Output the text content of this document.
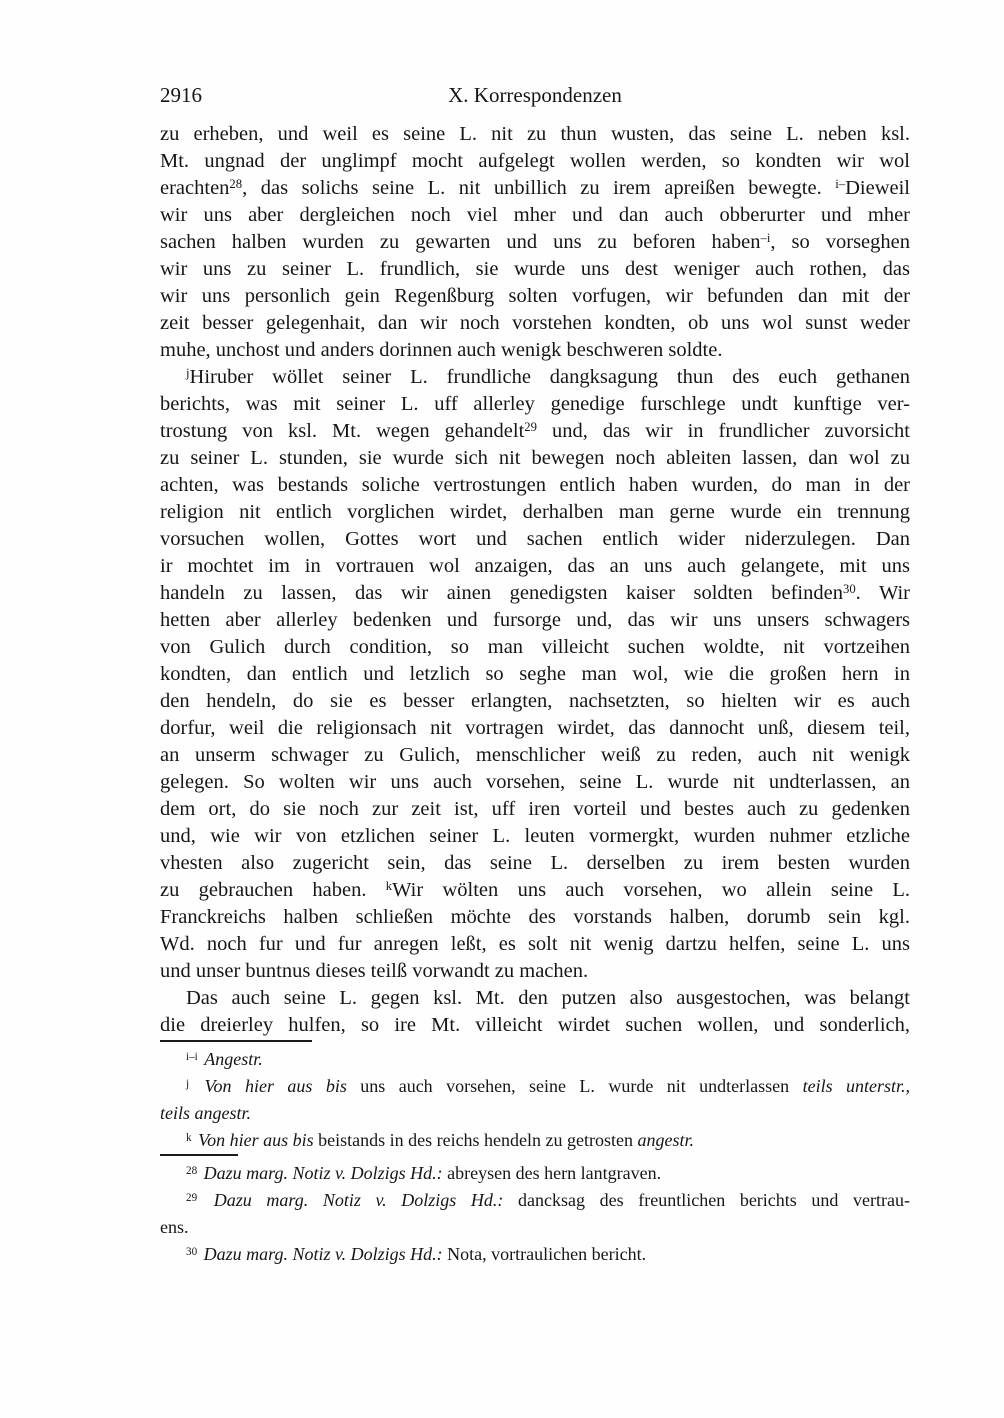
2916	X. Korrespondenzen
zu erheben, und weil es seine L. nit zu thun wusten, das seine L. neben ksl.
Mt. ungnad der unglimpf mocht aufgelegt wollen werden, so kondten wir wol
erachten$^{28}$, das solichs seine L. nit unbillich zu irem apreißen bewegte. $^{i-}$Dieweil
wir uns aber dergleichen noch viel mher und dan auch obberurter und mher
sachen halben wurden zu gewarten und uns zu beforen haben$^{-i}$, so vorseghen
wir uns zu seiner L. frundlich, sie wurde uns dest weniger auch rothen, das
wir uns personlich gein Regenßburg solten vorfugen, wir befunden dan mit der
zeit besser gelegenhait, dan wir noch vorstehen kondten, ob uns wol sunst weder
muhe, unchost und anders dorinnen auch wenigk beschweren soldte.
$^j$Hiruber wöllet seiner L. frundliche dangksagung thun des euch gethanen
berichts, was mit seiner L. uff allerley genedige furschlege undt kunftige ver-
trostung von ksl. Mt. wegen gehandelt$^{29}$ und, das wir in frundlicher zuvorsicht
zu seiner L. stunden, sie wurde sich nit bewegen noch ableiten lassen, dan wol zu
achten, was bestands soliche vertrostungen entlich haben wurden, do man in der
religion nit entlich vorglichen wirdet, derhalben man gerne wurde ein trennung
vorsuchen wollen, Gottes wort und sachen entlich wider niderzulegen. Dan
ir mochtet im in vortrauen wol anzaigen, das an uns auch gelangete, mit uns
handeln zu lassen, das wir ainen genedigsten kaiser soldten befinden$^{30}$. Wir
hetten aber allerley bedenken und fursorge und, das wir uns unsers schwagers
von Gulich durch condition, so man villeicht suchen woldte, nit vortzeihen
kondten, dan entlich und letzlich so seghe man wol, wie die großen hern in
den hendeln, do sie es besser erlangten, nachsetzten, so hielten wir es auch
dorfur, weil die religionsach nit vortragen wirdet, das dannocht unß, diesem teil,
an unserm schwager zu Gulich, menschlicher weiß zu reden, auch nit wenigk
gelegen. So wolten wir uns auch vorsehen, seine L. wurde nit undterlassen, an
dem ort, do sie noch zur zeit ist, uff iren vorteil und bestes auch zu gedenken
und, wie wir von etzlichen seiner L. leuten vormergkt, wurden nuhmer etzliche
vhesten also zugericht sein, das seine L. derselben zu irem besten wurden
zu gebrauchen haben. $^k$Wir wölten uns auch vorsehen, wo allein seine L.
Franckreichs halben schließen möchte des vorstands halben, dorumb sein kgl.
Wd. noch fur und fur anregen leßt, es solt nit wenig dartzu helfen, seine L. uns
und unser buntnus dieses teilß vorwandt zu machen.
Das auch seine L. gegen ksl. Mt. den putzen also ausgestochen, was belangt
die dreierley hulfen, so ire Mt. villeicht wirdet suchen wollen, und sonderlich,
$^{i-i}$ Angestr.
$^j$ Von hier aus bis uns auch vorsehen, seine L. wurde nit undterlassen teils unterstr.,
teils angestr.
$^k$ Von hier aus bis beistands in des reichs hendeln zu getrosten angestr.
$^{28}$ Dazu marg. Notiz v. Dolzigs Hd.: abreysen des hern lantgraven.
$^{29}$ Dazu marg. Notiz v. Dolzigs Hd.: dancksag des freuntlichen berichts und vertrau-
ens.
$^{30}$ Dazu marg. Notiz v. Dolzigs Hd.: Nota, vortraulichen bericht.
